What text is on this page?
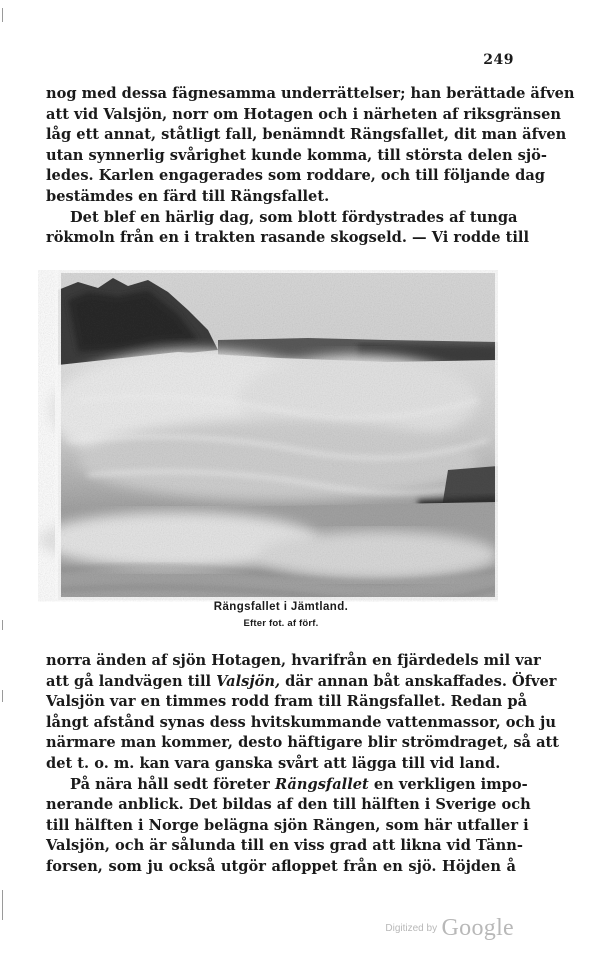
249
nog med dessa fägnesamma underrättelser; han berättade äfven
att vid Valsjön, norr om Hotagen och i närheten af riksgränsen
låg ett annat, ståtligt fall, benämndt Rängsfallet, dit man äfven
utan synnerlig svårighet kunde komma, till största delen sjö-
ledes. Karlen engagerades som roddare, och till följande dag
bestämdes en färd till Rängsfallet.
Det blef en härlig dag, som blott fördystrades af tunga
rökmoln från en i trakten rasande skogseld. — Vi rodde till
Rängsfallet i Jämtland.
Efter fot. af förf.
norra änden af sjön Hotagen, hvarifrån en fjärdedels mil var
att gå landvägen till Valsjön, där annan båt anskaffades. Öfver
Valsjön var en timmes rodd fram till Rängsfallet. Redan på
långt afstånd synas dess hvitskummande vattenmassor, och ju
närmare man kommer, desto häftigare blir strömdraget, så att
det t. o. m. kan vara ganska svårt att lägga till vid land.
På nära håll sedt företer Rängsfallet en verkligen impo-
nerande anblick. Det bildas af den till hälften i Sverige och
till hälften i Norge belägna sjön Rängen, som här utfaller i
Valsjön, och är sålunda till en viss grad att likna vid Tänn-
forsen, som ju också utgör afloppet från en sjö. Höjden å
Digitized by Google
